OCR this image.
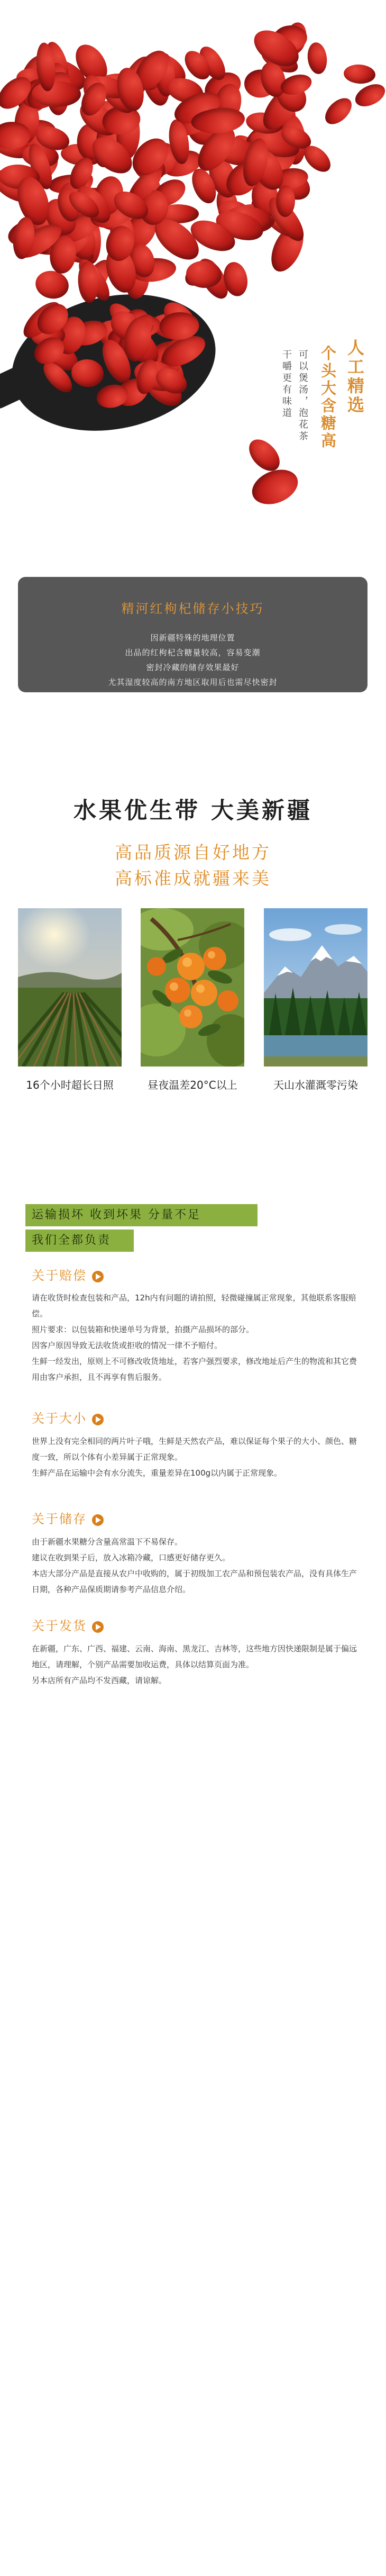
人工精选
个头大含糖高
可以煲汤，泡花茶
干嚼更有味道
精河红枸杞储存小技巧
因新疆特殊的地理位置
出品的红枸杞含糖量较高，容易变潮
密封冷藏的储存效果最好
尤其湿度较高的南方地区取用后也需尽快密封
水果优生带 大美新疆
高品质源自好地方
高标准成就疆来美
16个小时超长日照	昼夜温差20°C以上	天山水灌溉零污染
运输损坏 收到坏果 分量不足
我们全都负责
关于赔偿
请在收货时检查包装和产品，12h内有问题的请拍照，轻微碰撞属正常现象，其他联系客服赔偿。
照片要求：以包装箱和快递单号为背景，拍摄产品损坏的部分。
因客户原因导致无法收货或拒收的情况一律不予赔付。
生鲜一经发出，原则上不可修改收货地址，若客户强烈要求，修改地址后产生的物流和其它费用由客户承担，且不再享有售后服务。
关于大小
世界上没有完全相同的两片叶子哦，生鲜是天然农产品，难以保证每个果子的大小、颜色、糖度一致，所以个体有小差异属于正常现象。
生鲜产品在运输中会有水分流失，重量差异在100g以内属于正常现象。
关于储存
由于新疆水果糖分含量高常温下不易保存。
建议在收到果子后，放入冰箱冷藏，口感更好储存更久。
本店大部分产品是直接从农户中收购的，属于初级加工农产品和预包装农产品，没有具体生产日期，各种产品保质期请参考产品信息介绍。
关于发货
在新疆，广东、广西、福建、云南、海南、黑龙江、吉林等，这些地方因快递限制是属于偏远地区，请理解，个别产品需要加收运费，具体以结算页面为准。
另本店所有产品均不发西藏，请谅解。
